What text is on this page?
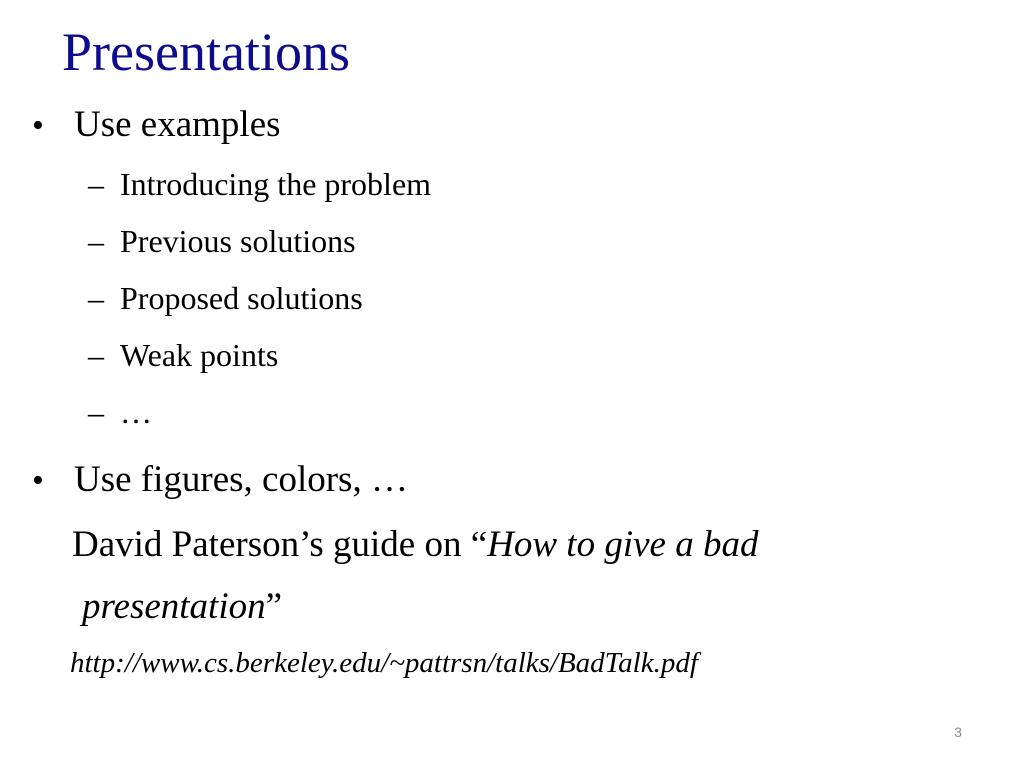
Presentations
• Use examples
– Introducing the problem
– Previous solutions
– Proposed solutions
– Weak points
– …
• Use figures, colors, …
David Paterson’s guide on “How to give a bad
presentation”
http://www.cs.berkeley.edu/~pattrsn/talks/BadTalk.pdf
3
